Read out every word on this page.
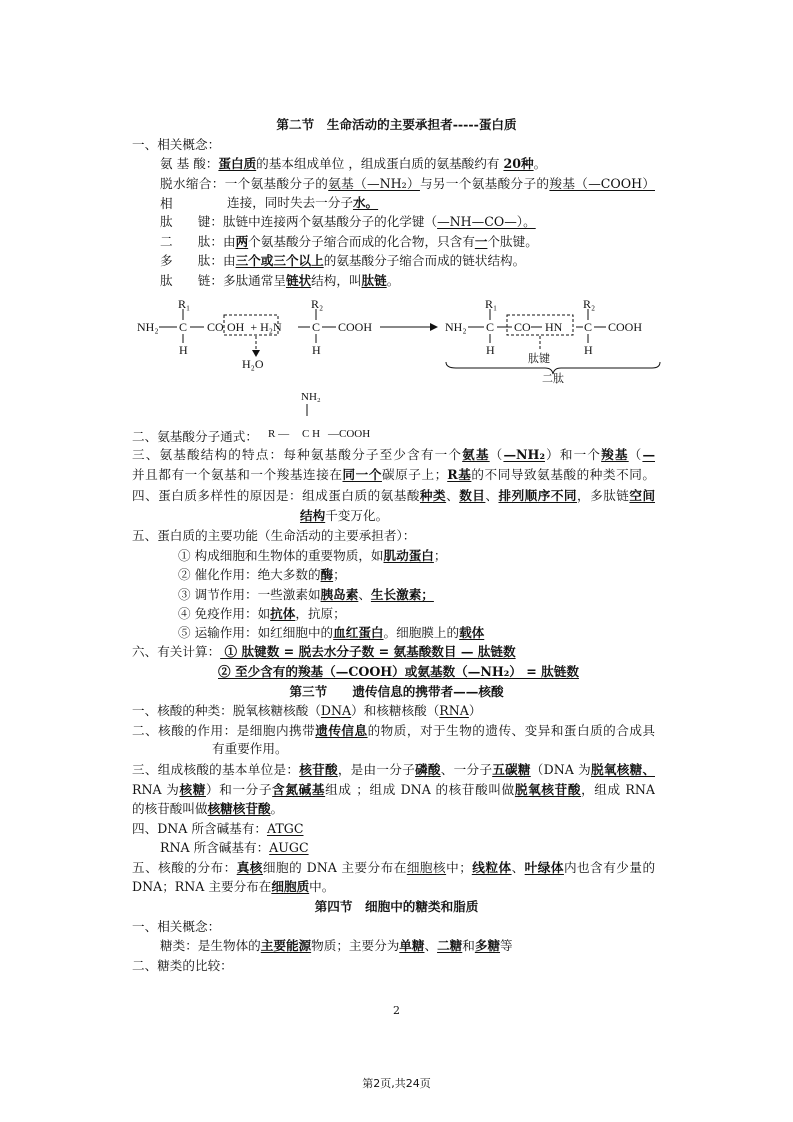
第二节　生命活动的主要承担者-----蛋白质
一、相关概念：
氨 基 酸：蛋白质的基本组成单位 ，组成蛋白质的氨基酸约有 20种。
脱水缩合：一个氨基酸分子的氨基（—NH₂）与另一个氨基酸分子的羧基（—COOH）相	连接，同时失去一分子水。
肽　　键：肽链中连接两个氨基酸分子的化学键（—NH—CO—）。
二　　肽：由两个氨基酸分子缩合而成的化合物，只含有一个肽键。
多　　肽：由三个或三个以上的氨基酸分子缩合而成的链状结构。
肽　　链：多肽通常呈链状结构，叫肽链。
NH₂ C
R₁
H
CO OH  + H₂N
H₂O
C
R₂
H
COOH	NH₂ C
R₁
H
CO HN C
R₂
H
COOH
肽键
二肽
NH₂
R — C H —COOH
二、氨基酸分子通式：
三、氨基酸结构的特点：每种氨基酸分子至少含有一个氨基（—NH₂）和一个羧基（—
并且都有一个氨基和一个羧基连接在同一个碳原子上；R基的不同导致氨基酸的种类不同。
四、蛋白质多样性的原因是：组成蛋白质的氨基酸种类、数目、排列顺序不同，多肽链空间
结构千变万化。
五、蛋白质的主要功能（生命活动的主要承担者）：
① 构成细胞和生物体的重要物质，如肌动蛋白；
② 催化作用：绝大多数的酶；
③ 调节作用：一些激素如胰岛素、生长激素；
④ 免疫作用：如抗体，抗原；
⑤ 运输作用：如红细胞中的血红蛋白。细胞膜上的载体
六、有关计算： ① 肽键数 = 脱去水分子数 = 氨基酸数目 — 肽链数
② 至少含有的羧基（—COOH）或氨基数（—NH₂） = 肽链数
第三节　　遗传信息的携带者——核酸
一、核酸的种类：脱氧核糖核酸（DNA）和核糖核酸（RNA）
二、核酸的作用：是细胞内携带遗传信息的物质，对于生物的遗传、变异和蛋白质的合成具
有重要作用。
三、组成核酸的基本单位是：核苷酸，是由一分子磷酸、一分子五碳糖（DNA 为脱氧核糖、
RNA 为核糖）和一分子含氮碱基组成 ；组成 DNA 的核苷酸叫做脱氧核苷酸，组成 RNA
的核苷酸叫做核糖核苷酸。
四、DNA 所含碱基有：ATGC
RNA 所含碱基有：AUGC
五、核酸的分布：真核细胞的 DNA 主要分布在细胞核中；线粒体、叶绿体内也含有少量的
DNA；RNA 主要分布在细胞质中。
第四节　细胞中的糖类和脂质
一、相关概念：
糖类：是生物体的主要能源物质；主要分为单糖、二糖和多糖等
二、糖类的比较：
2
第2页,共24页
